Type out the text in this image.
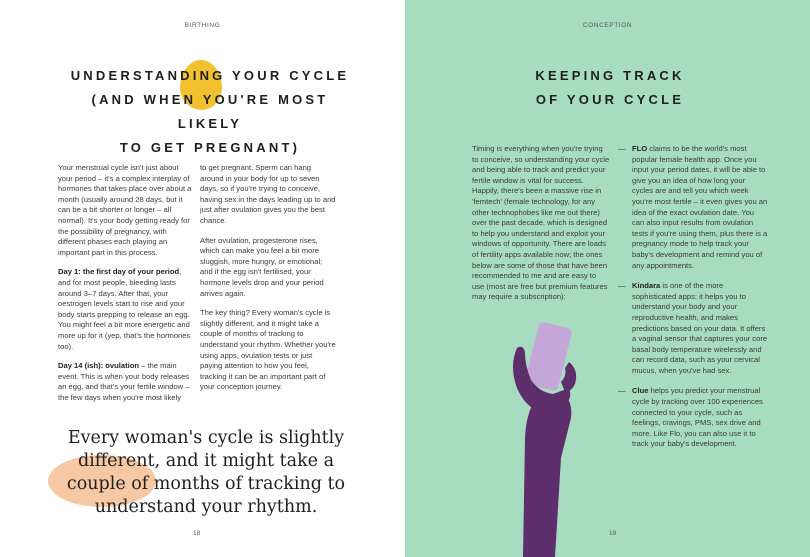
BIRTHING
UNDERSTANDING YOUR CYCLE
(AND WHEN YOU'RE MOST LIKELY
TO GET PREGNANT)

Your menstrual cycle isn't just about your period – it's a complex interplay of hormones that takes place over about a month (usually around 28 days, but it can be a bit shorter or longer – all normal). It's your body getting ready for the possibility of pregnancy, with different phases each playing an important part in this process.

Day 1: the first day of your period, and for most people, bleeding lasts around 3–7 days. After that, your oestrogen levels start to rise and your body starts prepping to release an egg. You might feel a bit more energetic and more up for it (yep, that's the hormones too).

Day 14 (ish): ovulation – the main event. This is when your body releases an egg, and that's your fertile window – the few days when you're most likely

to get pregnant. Sperm can hang around in your body for up to seven days, so if you're trying to conceive, having sex in the days leading up to and just after ovulation gives you the best chance.

After ovulation, progesterone rises, which can make you feel a bit more sluggish, more hungry, or emotional; and if the egg isn't fertilised, your hormone levels drop and your period arrives again.

The key thing? Every woman's cycle is slightly different, and it might take a couple of months of tracking to understand your rhythm. Whether you're using apps, ovulation tests or just paying attention to how you feel, tracking it can be an important part of your conception journey.

Every woman's cycle is slightly
different, and it might take a
couple of months of tracking to
understand your rhythm.
18
CONCEPTION
KEEPING TRACK
OF YOUR CYCLE

Timing is everything when you're trying to conceive, so understanding your cycle and being able to track and predict your fertile window is vital for success. Happily, there's been a massive rise in 'femtech' (female technology, for any other technophobes like me out there) over the past decade, which is designed to help you understand and exploit your windows of opportunity. There are loads of fertility apps available now; the ones below are some of those that have been recommended to me and are easy to use (most are free but premium features may require a subscription):

— FLO claims to be the world's most popular female health app. Once you input your period dates, it will be able to give you an idea of how long your cycles are and tell you which week you're most fertile – it even gives you an idea of the exact ovulation date. You can also input results from ovulation tests if you're using them, plus there is a pregnancy mode to help track your baby's development and remind you of any appointments.
— Kindara is one of the more sophisticated apps; it helps you to understand your body and your reproductive health, and makes predictions based on your data. It offers a vaginal sensor that captures your core basal body temperature wirelessly and can record data, such as your cervical mucus, when you've had sex.
— Clue helps you predict your menstrual cycle by tracking over 100 experiences connected to your cycle, such as feelings, cravings, PMS, sex drive and more. Like Flo, you can also use it to track your baby's development.
19
